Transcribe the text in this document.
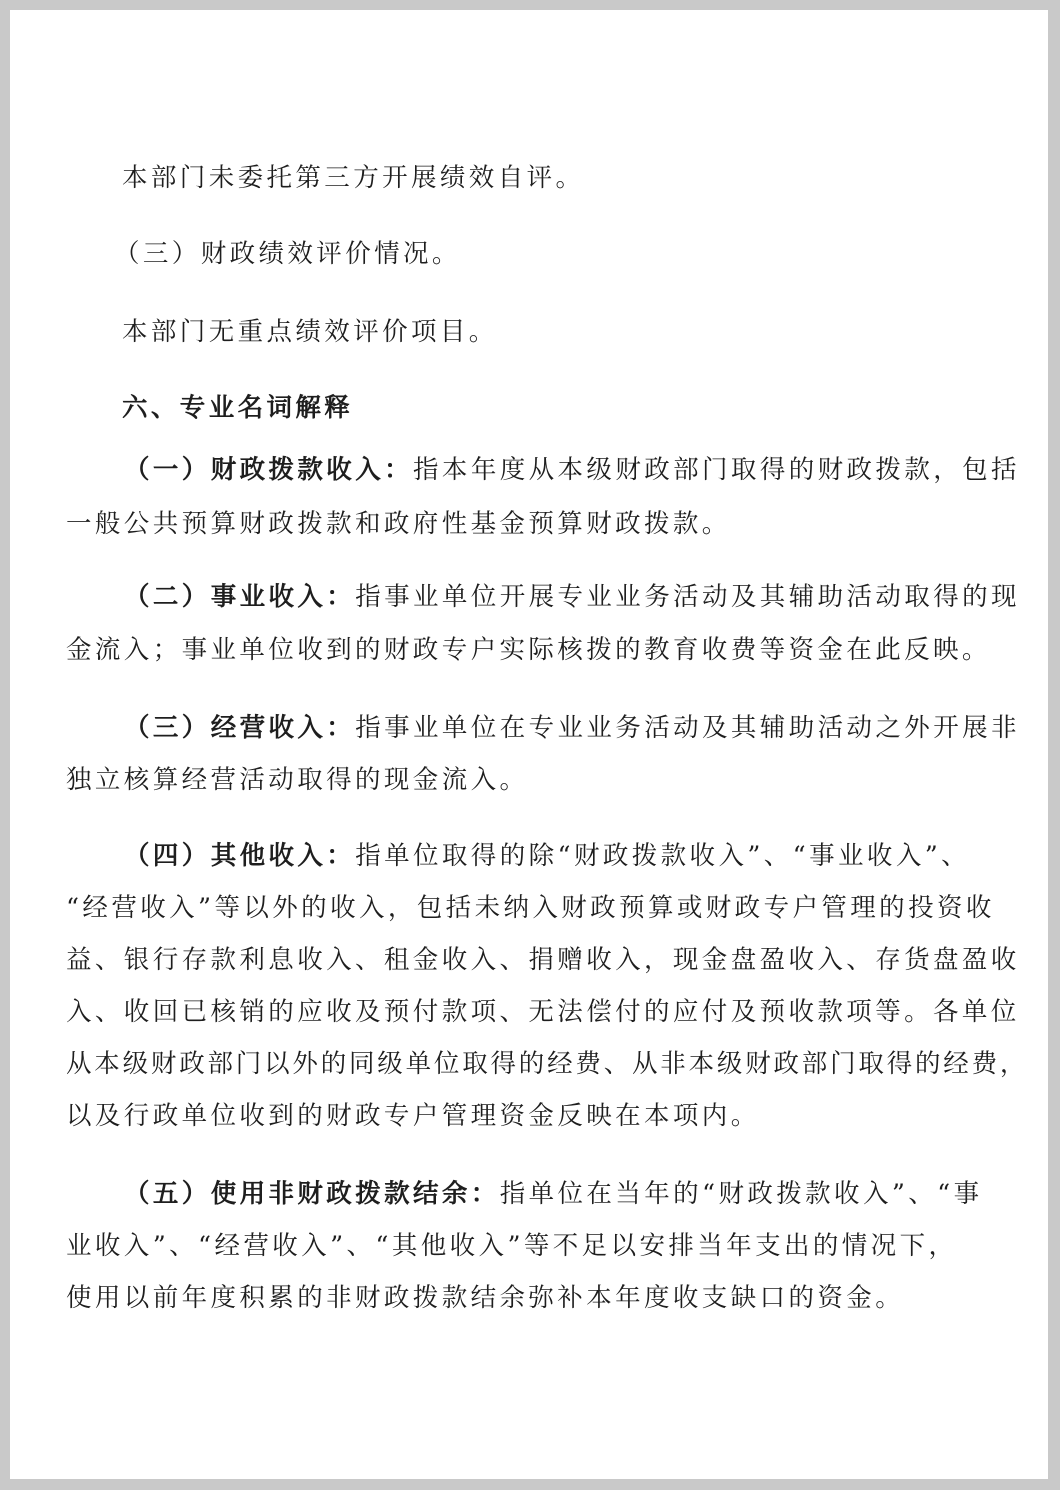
本部门未委托第三方开展绩效自评。
（三）财政绩效评价情况。
本部门无重点绩效评价项目。
六、专业名词解释
（一）财政拨款收入：指本年度从本级财政部门取得的财政拨款，包括
一般公共预算财政拨款和政府性基金预算财政拨款。
（二）事业收入：指事业单位开展专业业务活动及其辅助活动取得的现
金流入；事业单位收到的财政专户实际核拨的教育收费等资金在此反映。
（三）经营收入：指事业单位在专业业务活动及其辅助活动之外开展非
独立核算经营活动取得的现金流入。
（四）其他收入：指单位取得的除“财政拨款收入”、“事业收入”、
“经营收入”等以外的收入，包括未纳入财政预算或财政专户管理的投资收
益、银行存款利息收入、租金收入、捐赠收入，现金盘盈收入、存货盘盈收
入、收回已核销的应收及预付款项、无法偿付的应付及预收款项等。各单位
从本级财政部门以外的同级单位取得的经费、从非本级财政部门取得的经费，
以及行政单位收到的财政专户管理资金反映在本项内。
（五）使用非财政拨款结余：指单位在当年的“财政拨款收入”、“事
业收入”、“经营收入”、“其他收入”等不足以安排当年支出的情况下，
使用以前年度积累的非财政拨款结余弥补本年度收支缺口的资金。
